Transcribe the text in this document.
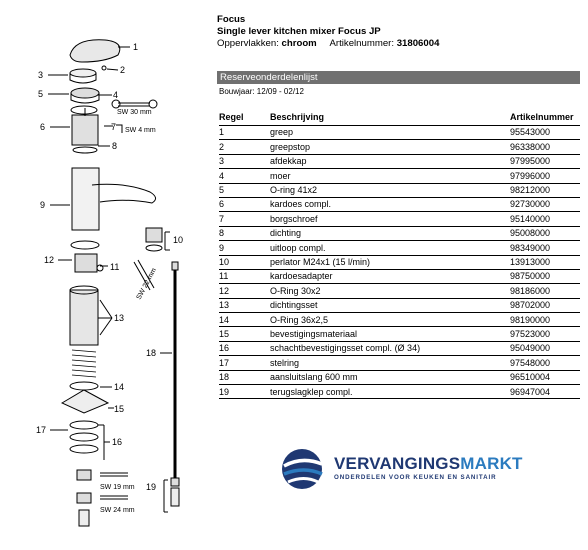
1
2
3
4
5
6	7
8
9
10
11
12
13
14
15
16
17
18
19
SW 30 mm
SW 4 mm
SW 22 mm
SW 19 mm
SW 24 mm
Focus
Single lever kitchen mixer Focus JP
Oppervlakken: chroom Artikelnummer: 31806004
Reserveonderdelenlijst
Bouwjaar: 12/09 - 02/12
Regel	Beschrijving	Artikelnummer
1	greep	95543000
2	greepstop	96338000
3	afdekkap	97995000
4	moer	97996000
5	O-ring 41x2	98212000
6	kardoes compl.	92730000
7	borgschroef	95140000
8	dichting	95008000
9	uitloop compl.	98349000
10	perlator M24x1 (15 l/min)	13913000
11	kardoesadapter	98750000
12	O-Ring 30x2	98186000
13	dichtingsset	98702000
14	O-Ring 36x2,5	98190000
15	bevestigingsmateriaal	97523000
16	schachtbevestigingsset compl. (Ø 34)	95049000
17	stelring	97548000
18	aansluitslang 600 mm	96510004
19	terugslagklep compl.	96947004
VERVANGINGSMARKT
ONDERDELEN VOOR KEUKEN EN SANITAIR
